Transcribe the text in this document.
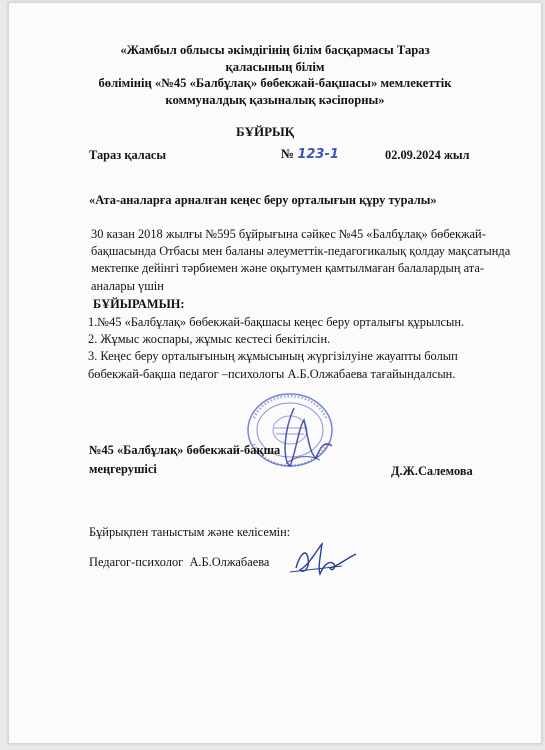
«Жамбыл облысы әкімдігінің білім басқармасы Тараз қаласының білім
бөлімінің «№45 «Балбұлақ» бөбекжай-бақшасы» мемлекеттік
коммуналдық қазыналық кәсіпорны»
БҰЙРЫҚ
Тараз қаласы	№ 123-1	02.09.2024 жыл
«Ата-аналарға арналған кеңес беру орталығын құру туралы»
30 казан 2018 жылғы №595 бұйрығына сәйкес №45 «Балбұлақ» бөбекжай-
бақшасында Отбасы мен баланы әлеуметтік-педагогикалық қолдау мақсатында
мектепке дейінгі тәрбиемен және оқытумен қамтылмаған балалардың ата-
аналары үшін
БҰЙЫРАМЫН:
1.№45 «Балбұлақ» бөбекжай-бақшасы кеңес беру орталығы құрылсын.
2. Жұмыс жоспары, жұмыс кестесі бекітілсін.
3. Кеңес беру орталығының жұмысының жүргізілуіне жауапты болып
бөбекжай-бақша педагог –психологы А.Б.Олжабаева тағайындалсын.
№45 «Балбұлақ» бөбекжай-бақша
меңгерушісі	Д.Ж.Салемова
Бұйрықпен таныстым және келісемін:
Педагог-психолог А.Б.Олжабаева
